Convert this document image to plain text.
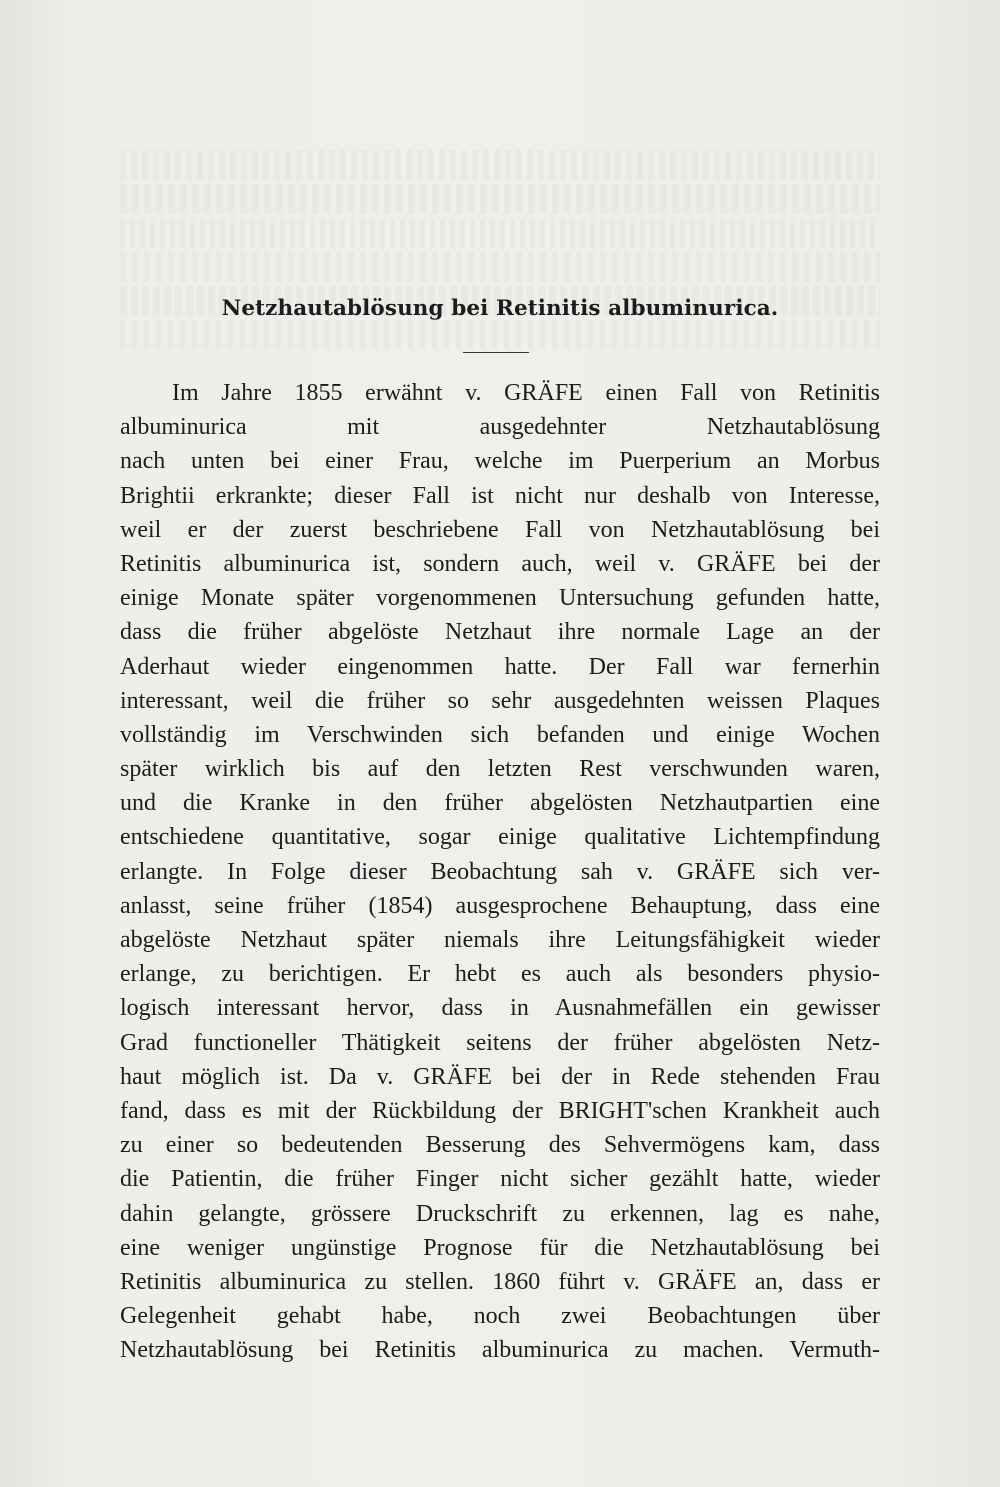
Netzhautablösung bei Retinitis albuminurica.
Im Jahre 1855 erwähnt v. GRÄFE einen Fall von Retinitis
albuminurica mit ausgedehnter Netzhautablösung
nach unten bei einer Frau, welche im Puerperium an Morbus
Brightii erkrankte; dieser Fall ist nicht nur deshalb von Interesse,
weil er der zuerst beschriebene Fall von Netzhautablösung bei
Retinitis albuminurica ist, sondern auch, weil v. GRÄFE bei der
einige Monate später vorgenommenen Untersuchung gefunden hatte,
dass die früher abgelöste Netzhaut ihre normale Lage an der
Aderhaut wieder eingenommen hatte. Der Fall war fernerhin
interessant, weil die früher so sehr ausgedehnten weissen Plaques
vollständig im Verschwinden sich befanden und einige Wochen
später wirklich bis auf den letzten Rest verschwunden waren,
und die Kranke in den früher abgelösten Netzhautpartien eine
entschiedene quantitative, sogar einige qualitative Lichtempfindung
erlangte. In Folge dieser Beobachtung sah v. GRÄFE sich ver-
anlasst, seine früher (1854) ausgesprochene Behauptung, dass eine
abgelöste Netzhaut später niemals ihre Leitungsfähigkeit wieder
erlange, zu berichtigen. Er hebt es auch als besonders physio-
logisch interessant hervor, dass in Ausnahmefällen ein gewisser
Grad functioneller Thätigkeit seitens der früher abgelösten Netz-
haut möglich ist. Da v. GRÄFE bei der in Rede stehenden Frau
fand, dass es mit der Rückbildung der BRIGHT'schen Krankheit auch
zu einer so bedeutenden Besserung des Sehvermögens kam, dass
die Patientin, die früher Finger nicht sicher gezählt hatte, wieder
dahin gelangte, grössere Druckschrift zu erkennen, lag es nahe,
eine weniger ungünstige Prognose für die Netzhautablösung bei
Retinitis albuminurica zu stellen. 1860 führt v. GRÄFE an, dass er
Gelegenheit gehabt habe, noch zwei Beobachtungen über
Netzhautablösung bei Retinitis albuminurica zu machen. Vermuth-
